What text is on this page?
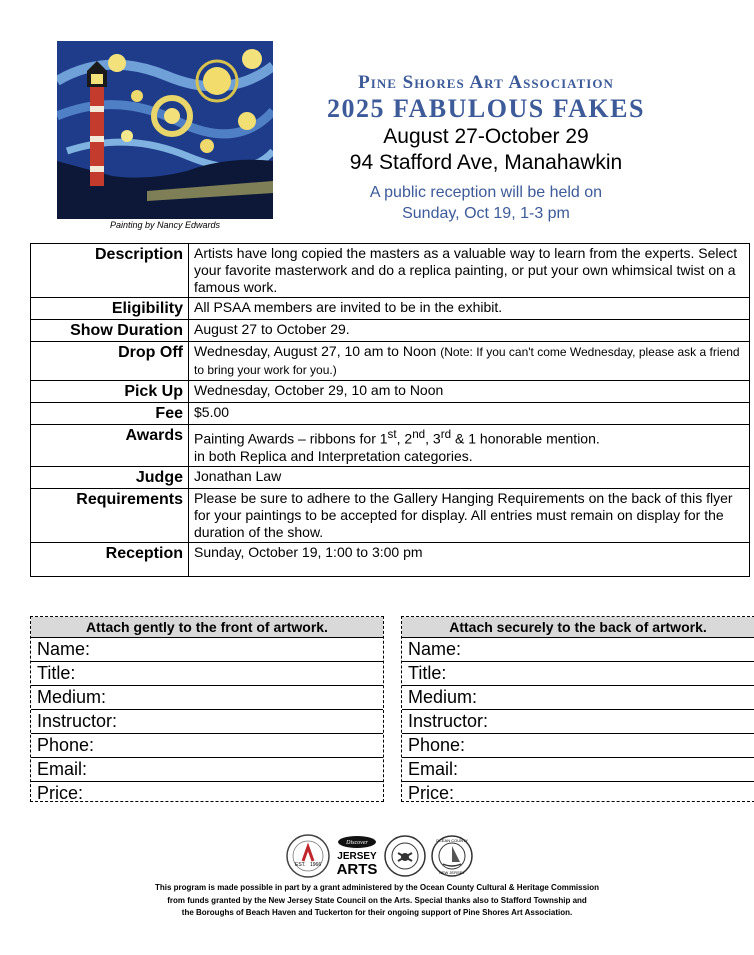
Painting by Nancy Edwards
Pine Shores Art Association
2025 FABULOUS FAKES
August 27-October 29
94 Stafford Ave, Manahawkin
A public reception will be held on
Sunday, Oct 19, 1-3 pm
Description	Artists have long copied the masters as a valuable way to learn from the experts. Select your favorite masterwork and do a replica painting, or put your own whimsical twist on a famous work.
Eligibility	All PSAA members are invited to be in the exhibit.
Show Duration	August 27 to October 29.
Drop Off	Wednesday, August 27, 10 am to Noon (Note: If you can't come Wednesday, please ask a friend to bring your work for you.)
Pick Up	Wednesday, October 29, 10 am to Noon
Fee	$5.00
Awards	Painting Awards – ribbons for 1st, 2nd, 3rd & 1 honorable mention.
in both Replica and Interpretation categories.

Judge	Jonathan Law
Requirements	Please be sure to adhere to the Gallery Hanging Requirements on the back of this flyer for your paintings to be accepted for display. All entries must remain on display for the duration of the show.
Reception	Sunday, October 19, 1:00 to 3:00 pm
Attach gently to the front of artwork.
Name:
Title:
Medium:
Instructor:
Phone:
Email:
Price:
Attach securely to the back of artwork.
Name:
Title:
Medium:
Instructor:
Phone:
Email:
Price:
EST. 1966
Discover
JERSEY
ARTS
OCEAN COUNTY
NEW JERSEY
This program is made possible in part by a grant administered by the Ocean County Cultural & Heritage Commission
from funds granted by the New Jersey State Council on the Arts. Special thanks also to Stafford Township and
the Boroughs of Beach Haven and Tuckerton for their ongoing support of Pine Shores Art Association.
